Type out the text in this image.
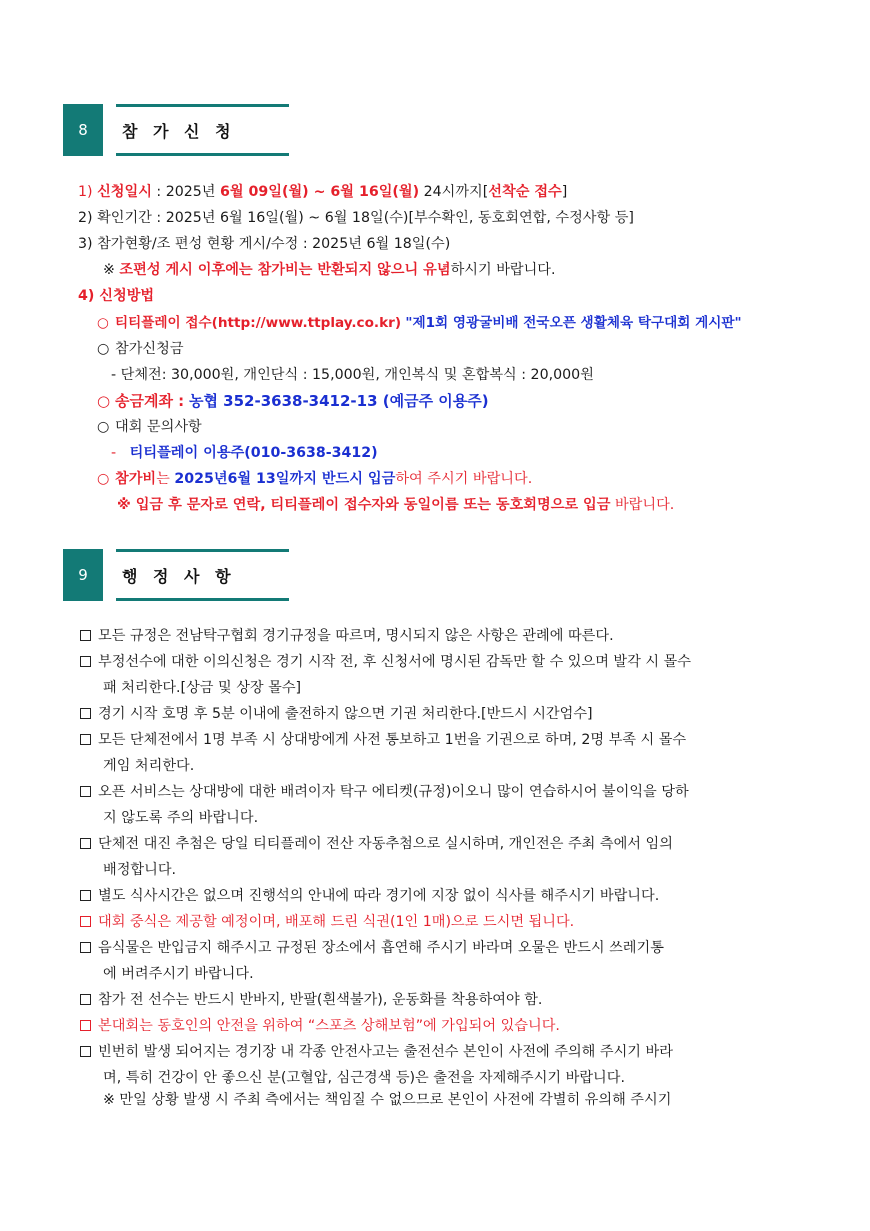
8	참 가 신 청
1) 신청일시 : 2025년 6월 09일(월) ~ 6월 16일(월) 24시까지[선착순 접수]
2) 확인기간 : 2025년 6월 16일(월) ~ 6월 18일(수)[부수확인, 동호회연합, 수정사항 등]
3) 참가현황/조 편성 현황 게시/수정 : 2025년 6월 18일(수)
※ 조편성 게시 이후에는 참가비는 반환되지 않으니 유념하시기 바랍니다.
4) 신청방법
○ 티티플레이 접수(http://www.ttplay.co.kr) "제1회 영광굴비배 전국오픈 생활체육 탁구대회 게시판"
○ 참가신청금
- 단체전: 30,000원, 개인단식 : 15,000원, 개인복식 및 혼합복식 : 20,000원
○ 송금계좌 : 농협 352-3638-3412-13 (예금주 이용주)
○ 대회 문의사항
- 티티플레이 이용주(010-3638-3412)
○ 참가비는 2025년6월 13일까지 반드시 입금하여 주시기 바랍니다.
※ 입금 후 문자로 연락, 티티플레이 접수자와 동일이름 또는 동호회명으로 입금 바랍니다.
9	행 정 사 항
모든 규정은 전남탁구협회 경기규정을 따르며, 명시되지 않은 사항은 관례에 따른다.
부정선수에 대한 이의신청은 경기 시작 전, 후 신청서에 명시된 감독만 할 수 있으며 발각 시 몰수
패 처리한다.[상금 및 상장 몰수]
경기 시작 호명 후 5분 이내에 출전하지 않으면 기권 처리한다.[반드시 시간엄수]
모든 단체전에서 1명 부족 시 상대방에게 사전 통보하고 1번을 기권으로 하며, 2명 부족 시 몰수
게임 처리한다.
오픈 서비스는 상대방에 대한 배려이자 탁구 에티켓(규정)이오니 많이 연습하시어 불이익을 당하
지 않도록 주의 바랍니다.
단체전 대진 추첨은 당일 티티플레이 전산 자동추첨으로 실시하며, 개인전은 주최 측에서 임의
배정합니다.
별도 식사시간은 없으며 진행석의 안내에 따라 경기에 지장 없이 식사를 해주시기 바랍니다.
대회 중식은 제공할 예정이며, 배포해 드린 식권(1인 1매)으로 드시면 됩니다.
음식물은 반입금지 해주시고 규정된 장소에서 흡연해 주시기 바라며 오물은 반드시 쓰레기통
에 버려주시기 바랍니다.
참가 전 선수는 반드시 반바지, 반팔(흰색불가), 운동화를 착용하여야 함.
본대회는 동호인의 안전을 위하여 “스포츠 상해보험”에 가입되어 있습니다.
빈번히 발생 되어지는 경기장 내 각종 안전사고는 출전선수 본인이 사전에 주의해 주시기 바라
며, 특히 건강이 안 좋으신 분(고혈압, 심근경색 등)은 출전을 자제해주시기 바랍니다.
※ 만일 상황 발생 시 주최 측에서는 책임질 수 없으므로 본인이 사전에 각별히 유의해 주시기
